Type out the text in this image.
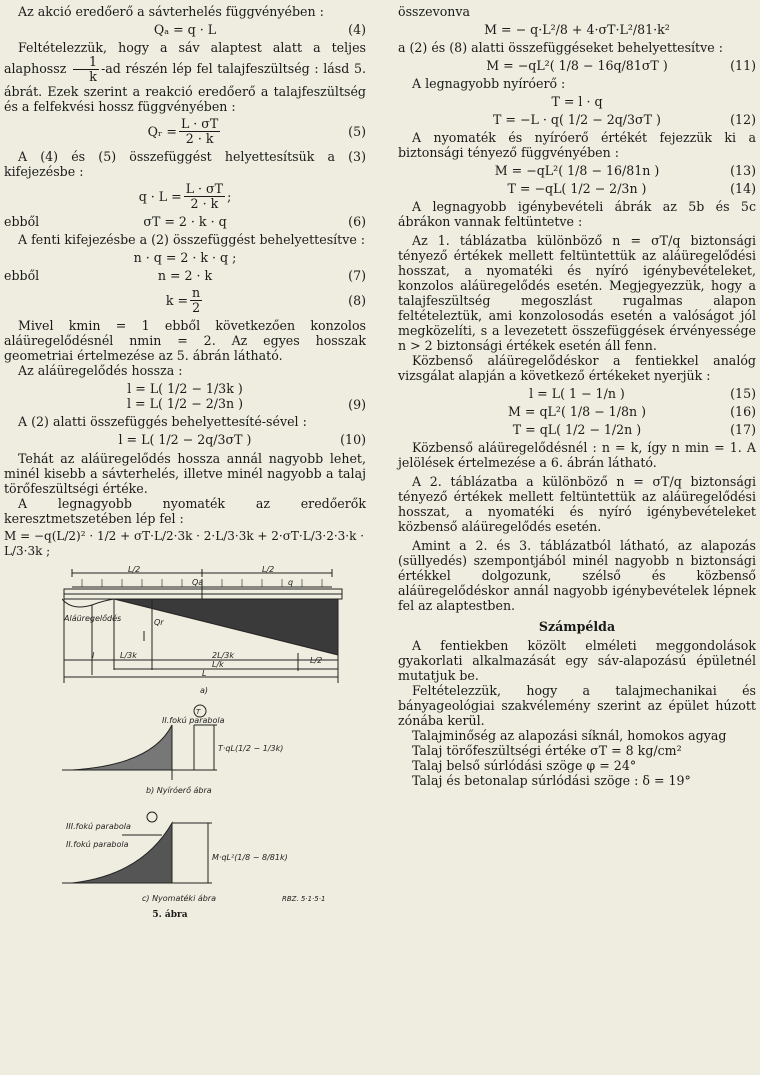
Az akció eredőerő a sávterhelés függvényében :

Qₐ = q · L	(4)

Feltételezzük, hogy a sáv alaptest alatt a teljes alaphossz $\frac{1}{k} -ad$ részén lép fel talajfeszültség : lásd 5. ábrát. Ezek szerint a reakció eredőerő a talajfeszültség és a felfekvési hossz függvényében :

Qᵣ = $\frac{L \cdot \sigma T}{2 \cdot k}$	(5)

A (4) és (5) összefüggést helyettesítsük a (3) kifejezésbe :

$q \cdot L = \frac{L \cdot \sigma T}{2 \cdot k}$ ;
ebből	σT = 2 · k · q	(6)

A fenti kifejezésbe a (2) összefüggést behelyettesítve :

n · q = 2 · k · q ;
ebből	n = 2 · k	(7)
$k = \frac{n}{2}$	(8)

Mivel kmin = 1 ebből következően konzolos aláüregelődésnél nmin = 2. Az egyes hosszak geometriai értelmezése az 5. ábrán látható.

Az aláüregelődés hossza :

l = L( 1/2 − 1/3k )
l = L( 1/2 − 2/3n )	(9)

A (2) alatti összefüggés behelyettesíté-sével :

l = L( 1/2 − 2q/3σT )	(10)

Tehát az aláüregelődés hossza annál nagyobb lehet, minél kisebb a sávterhelés, illetve minél nagyobb a talaj törőfeszültségi értéke.

A legnagyobb nyomaték az eredőerők keresztmetszetében lép fel :

M = −q(L/2)² · 1/2 + σT·L/2·3k · 2·L/3·3k + 2·σT·L/3·2·3·k · L/3·3k ;
L/2	L/2
Qa	q
Aláüregelődés	Qr
l	L/3k	2L/3k
L/k	L/2
L
a)
T
II.fokú parabola
T·qL(1/2 − 1/3k)
b) Nyíróerő ábra
III.fokú parabola
II.fokú parabola
M·qL²(1/8 − 8/81k)
c) Nyomatéki ábra	RBZ. 5·1·5·1
5. ábra

összevonva

M = − q·L²/8 + 4·σT·L²/81·k²

a (2) és (8) alatti összefüggéseket behelyettesítve :

M = −qL²( 1/8 − 16q/81σT )	(11)

A legnagyobb nyíróerő :

T = l · q
T = −L · q( 1/2 − 2q/3σT )	(12)

A nyomaték és nyíróerő értékét fejezzük ki a biztonsági tényező függvényében :

M = −qL²( 1/8 − 16/81n )	(13)
T = −qL( 1/2 − 2/3n )	(14)

A legnagyobb igénybevételi ábrák az 5b és 5c ábrákon vannak feltüntetve :

Az 1. táblázatba különböző n = σT/q biztonsági tényező értékek mellett feltüntettük az aláüregelődési hosszat, a nyomatéki és nyíró igénybevételeket, konzolos aláüregelődés esetén. Megjegyezzük, hogy a talajfeszültség megoszlást rugalmas alapon feltételeztük, ami konzolosodás esetén a valóságot jól megközelíti, s a levezetett összefüggések érvényessége n > 2 biztonsági értékek esetén áll fenn.

Közbenső aláüregelődéskor a fentiekkel analóg vizsgálat alapján a következő értékeket nyerjük :

l = L( 1 − 1/n )	(15)
M = qL²( 1/8 − 1/8n )	(16)
T = qL( 1/2 − 1/2n )	(17)

Közbenső aláüregelődésnél : n = k, így n min = 1. A jelölések értelmezése a 6. ábrán látható.

A 2. táblázatba a különböző n = σT/q biztonsági tényező értékek mellett feltüntettük az aláüregelődési hosszat, a nyomatéki és nyíró igénybevételeket közbenső aláüregelődés esetén.

Amint a 2. és 3. táblázatból látható, az alapozás (süllyedés) szempontjából minél nagyobb n biztonsági értékkel dolgozunk, szélső és közbenső aláüregelődéskor annál nagyobb igénybevételek lépnek fel az alaptestben.

Számpélda

A fentiekben közölt elméleti meggondolások gyakorlati alkalmazását egy sáv-alapozású épületnél mutatjuk be.

Feltételezzük, hogy a talajmechanikai és bányageológiai szakvélemény szerint az épület húzott zónába kerül.

Talajminőség az alapozási síknál, homokos agyag

Talaj törőfeszültségi értéke σT = 8 kg/cm²

Talaj belső súrlódási szöge φ = 24°

Talaj és betonalap súrlódási szöge : δ = 19°
